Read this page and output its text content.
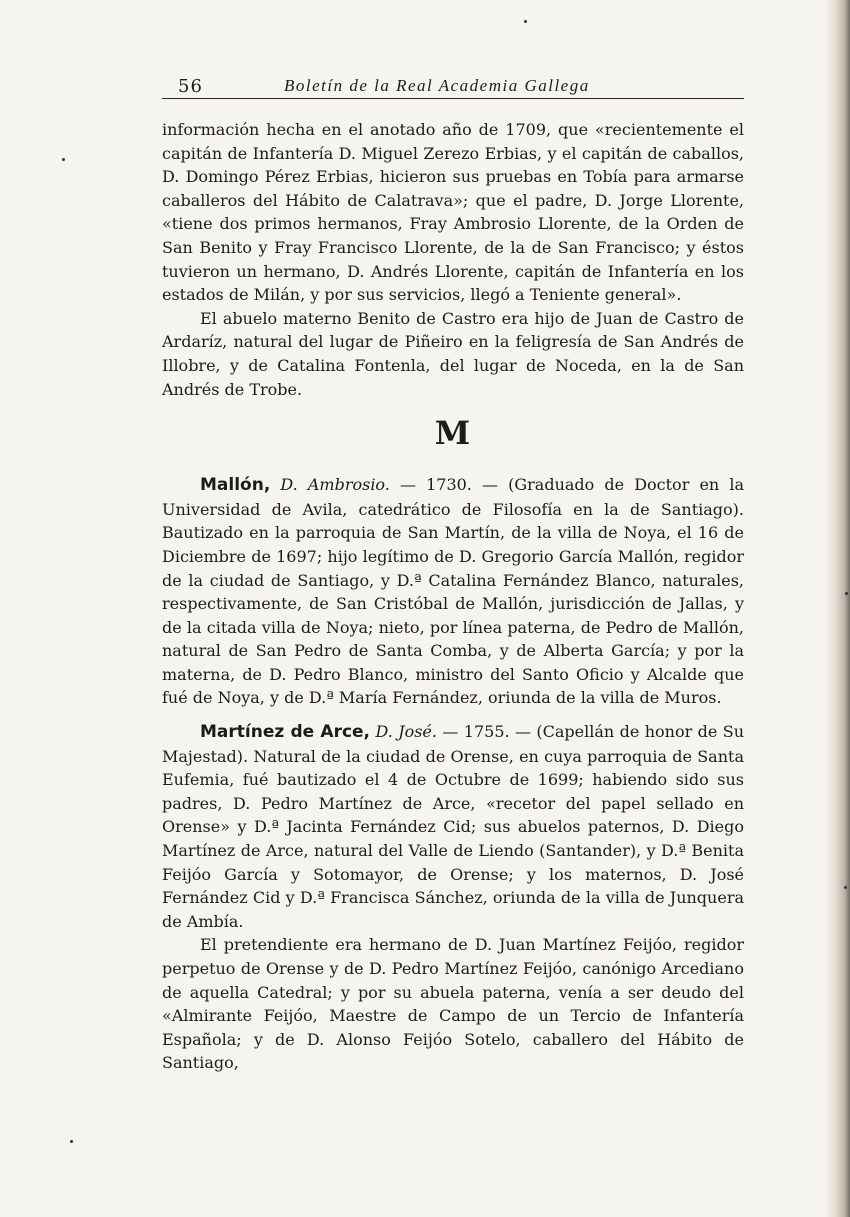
56	Boletín de la Real Academia Gallega

información hecha en el anotado año de 1709, que «recientemente el capitán de Infantería D. Miguel Zerezo Erbias, y el capitán de caballos, D. Domingo Pérez Erbias, hicieron sus pruebas en Tobía para armarse caballeros del Hábito de Calatrava»; que el padre, D. Jorge Llorente, «tiene dos primos hermanos, Fray Ambrosio Llorente, de la Orden de San Benito y Fray Francisco Llorente, de la de San Francisco; y éstos tuvieron un hermano, D. Andrés Llorente, capitán de Infantería en los estados de Milán, y por sus servicios, llegó a Teniente general».

El abuelo materno Benito de Castro era hijo de Juan de Castro de Ardaríz, natural del lugar de Piñeiro en la feligresía de San Andrés de Illobre, y de Catalina Fontenla, del lugar de Noceda, en la de San Andrés de Trobe.

M

Mallón, D. Ambrosio. — 1730. — (Graduado de Doctor en la Universidad de Avila, catedrático de Filosofía en la de Santiago). Bautizado en la parroquia de San Martín, de la villa de Noya, el 16 de Diciembre de 1697; hijo legítimo de D. Gregorio García Mallón, regidor de la ciudad de Santiago, y D.ª Catalina Fernández Blanco, naturales, respectivamente, de San Cristóbal de Mallón, jurisdicción de Jallas, y de la citada villa de Noya; nieto, por línea paterna, de Pedro de Mallón, natural de San Pedro de Santa Comba, y de Alberta García; y por la materna, de D. Pedro Blanco, ministro del Santo Oficio y Alcalde que fué de Noya, y de D.ª María Fernández, oriunda de la villa de Muros.

Martínez de Arce, D. José. — 1755. — (Capellán de honor de Su Majestad). Natural de la ciudad de Orense, en cuya parroquia de Santa Eufemia, fué bautizado el 4 de Octubre de 1699; habiendo sido sus padres, D. Pedro Martínez de Arce, «recetor del papel sellado en Orense» y D.ª Jacinta Fernández Cid; sus abuelos paternos, D. Diego Martínez de Arce, natural del Valle de Liendo (Santander), y D.ª Benita Feijóo García y Sotomayor, de Orense; y los maternos, D. José Fernández Cid y D.ª Francisca Sánchez, oriunda de la villa de Junquera de Ambía.

El pretendiente era hermano de D. Juan Martínez Feijóo, regidor perpetuo de Orense y de D. Pedro Martínez Feijóo, canónigo Arcediano de aquella Catedral; y por su abuela paterna, venía a ser deudo del «Almirante Feijóo, Maestre de Campo de un Tercio de Infantería Española; y de D. Alonso Feijóo Sotelo, caballero del Hábito de Santiago,
